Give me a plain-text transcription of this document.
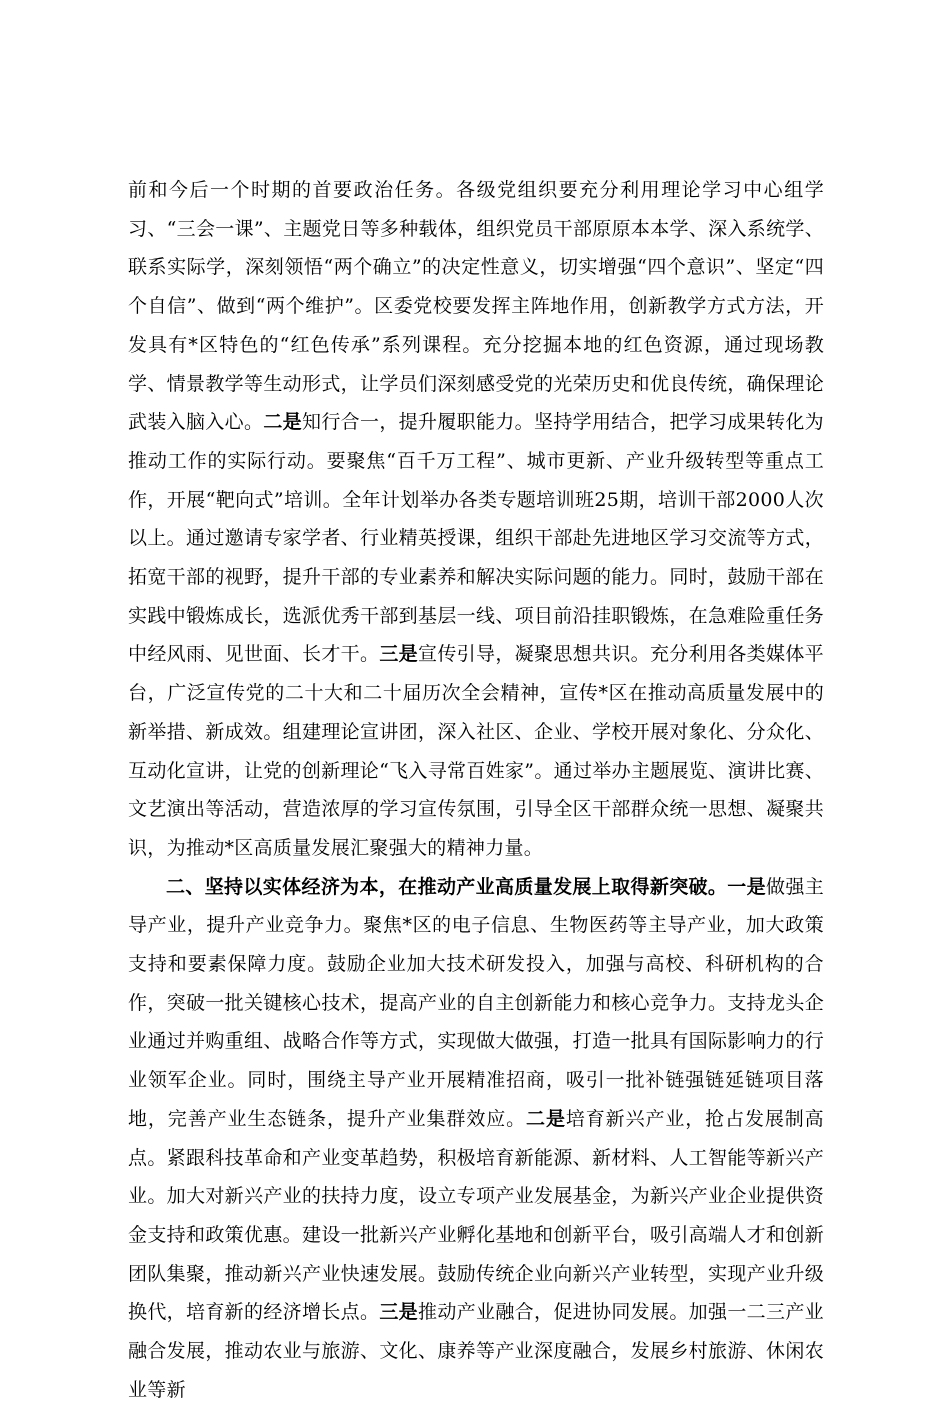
前和今后一个时期的首要政治任务。各级党组织要充分利用理论学习中心组学习、“三会一课”、主题党日等多种载体，组织党员干部原原本本学、深入系统学、联系实际学，深刻领悟“两个确立”的决定性意义，切实增强“四个意识”、坚定“四个自信”、做到“两个维护”。区委党校要发挥主阵地作用，创新教学方式方法，开发具有*区特色的“红色传承”系列课程。充分挖掘本地的红色资源，通过现场教学、情景教学等生动形式，让学员们深刻感受党的光荣历史和优良传统，确保理论武装入脑入心。二是知行合一，提升履职能力。坚持学用结合，把学习成果转化为推动工作的实际行动。要聚焦“百千万工程”、城市更新、产业升级转型等重点工作，开展“靶向式”培训。全年计划举办各类专题培训班25期，培训干部2000人次以上。通过邀请专家学者、行业精英授课，组织干部赴先进地区学习交流等方式，拓宽干部的视野，提升干部的专业素养和解决实际问题的能力。同时，鼓励干部在实践中锻炼成长，选派优秀干部到基层一线、项目前沿挂职锻炼，在急难险重任务中经风雨、见世面、长才干。三是宣传引导，凝聚思想共识。充分利用各类媒体平台，广泛宣传党的二十大和二十届历次全会精神，宣传*区在推动高质量发展中的新举措、新成效。组建理论宣讲团，深入社区、企业、学校开展对象化、分众化、互动化宣讲，让党的创新理论“飞入寻常百姓家”。通过举办主题展览、演讲比赛、文艺演出等活动，营造浓厚的学习宣传氛围，引导全区干部群众统一思想、凝聚共识，为推动*区高质量发展汇聚强大的精神力量。

二、坚持以实体经济为本，在推动产业高质量发展上取得新突破。一是做强主导产业，提升产业竞争力。聚焦*区的电子信息、生物医药等主导产业，加大政策支持和要素保障力度。鼓励企业加大技术研发投入，加强与高校、科研机构的合作，突破一批关键核心技术，提高产业的自主创新能力和核心竞争力。支持龙头企业通过并购重组、战略合作等方式，实现做大做强，打造一批具有国际影响力的行业领军企业。同时，围绕主导产业开展精准招商，吸引一批补链强链延链项目落地，完善产业生态链条，提升产业集群效应。二是培育新兴产业，抢占发展制高点。紧跟科技革命和产业变革趋势，积极培育新能源、新材料、人工智能等新兴产业。加大对新兴产业的扶持力度，设立专项产业发展基金，为新兴产业企业提供资金支持和政策优惠。建设一批新兴产业孵化基地和创新平台，吸引高端人才和创新团队集聚，推动新兴产业快速发展。鼓励传统企业向新兴产业转型，实现产业升级换代，培育新的经济增长点。三是推动产业融合，促进协同发展。加强一二三产业融合发展，推动农业与旅游、文化、康养等产业深度融合，发展乡村旅游、休闲农业等新
